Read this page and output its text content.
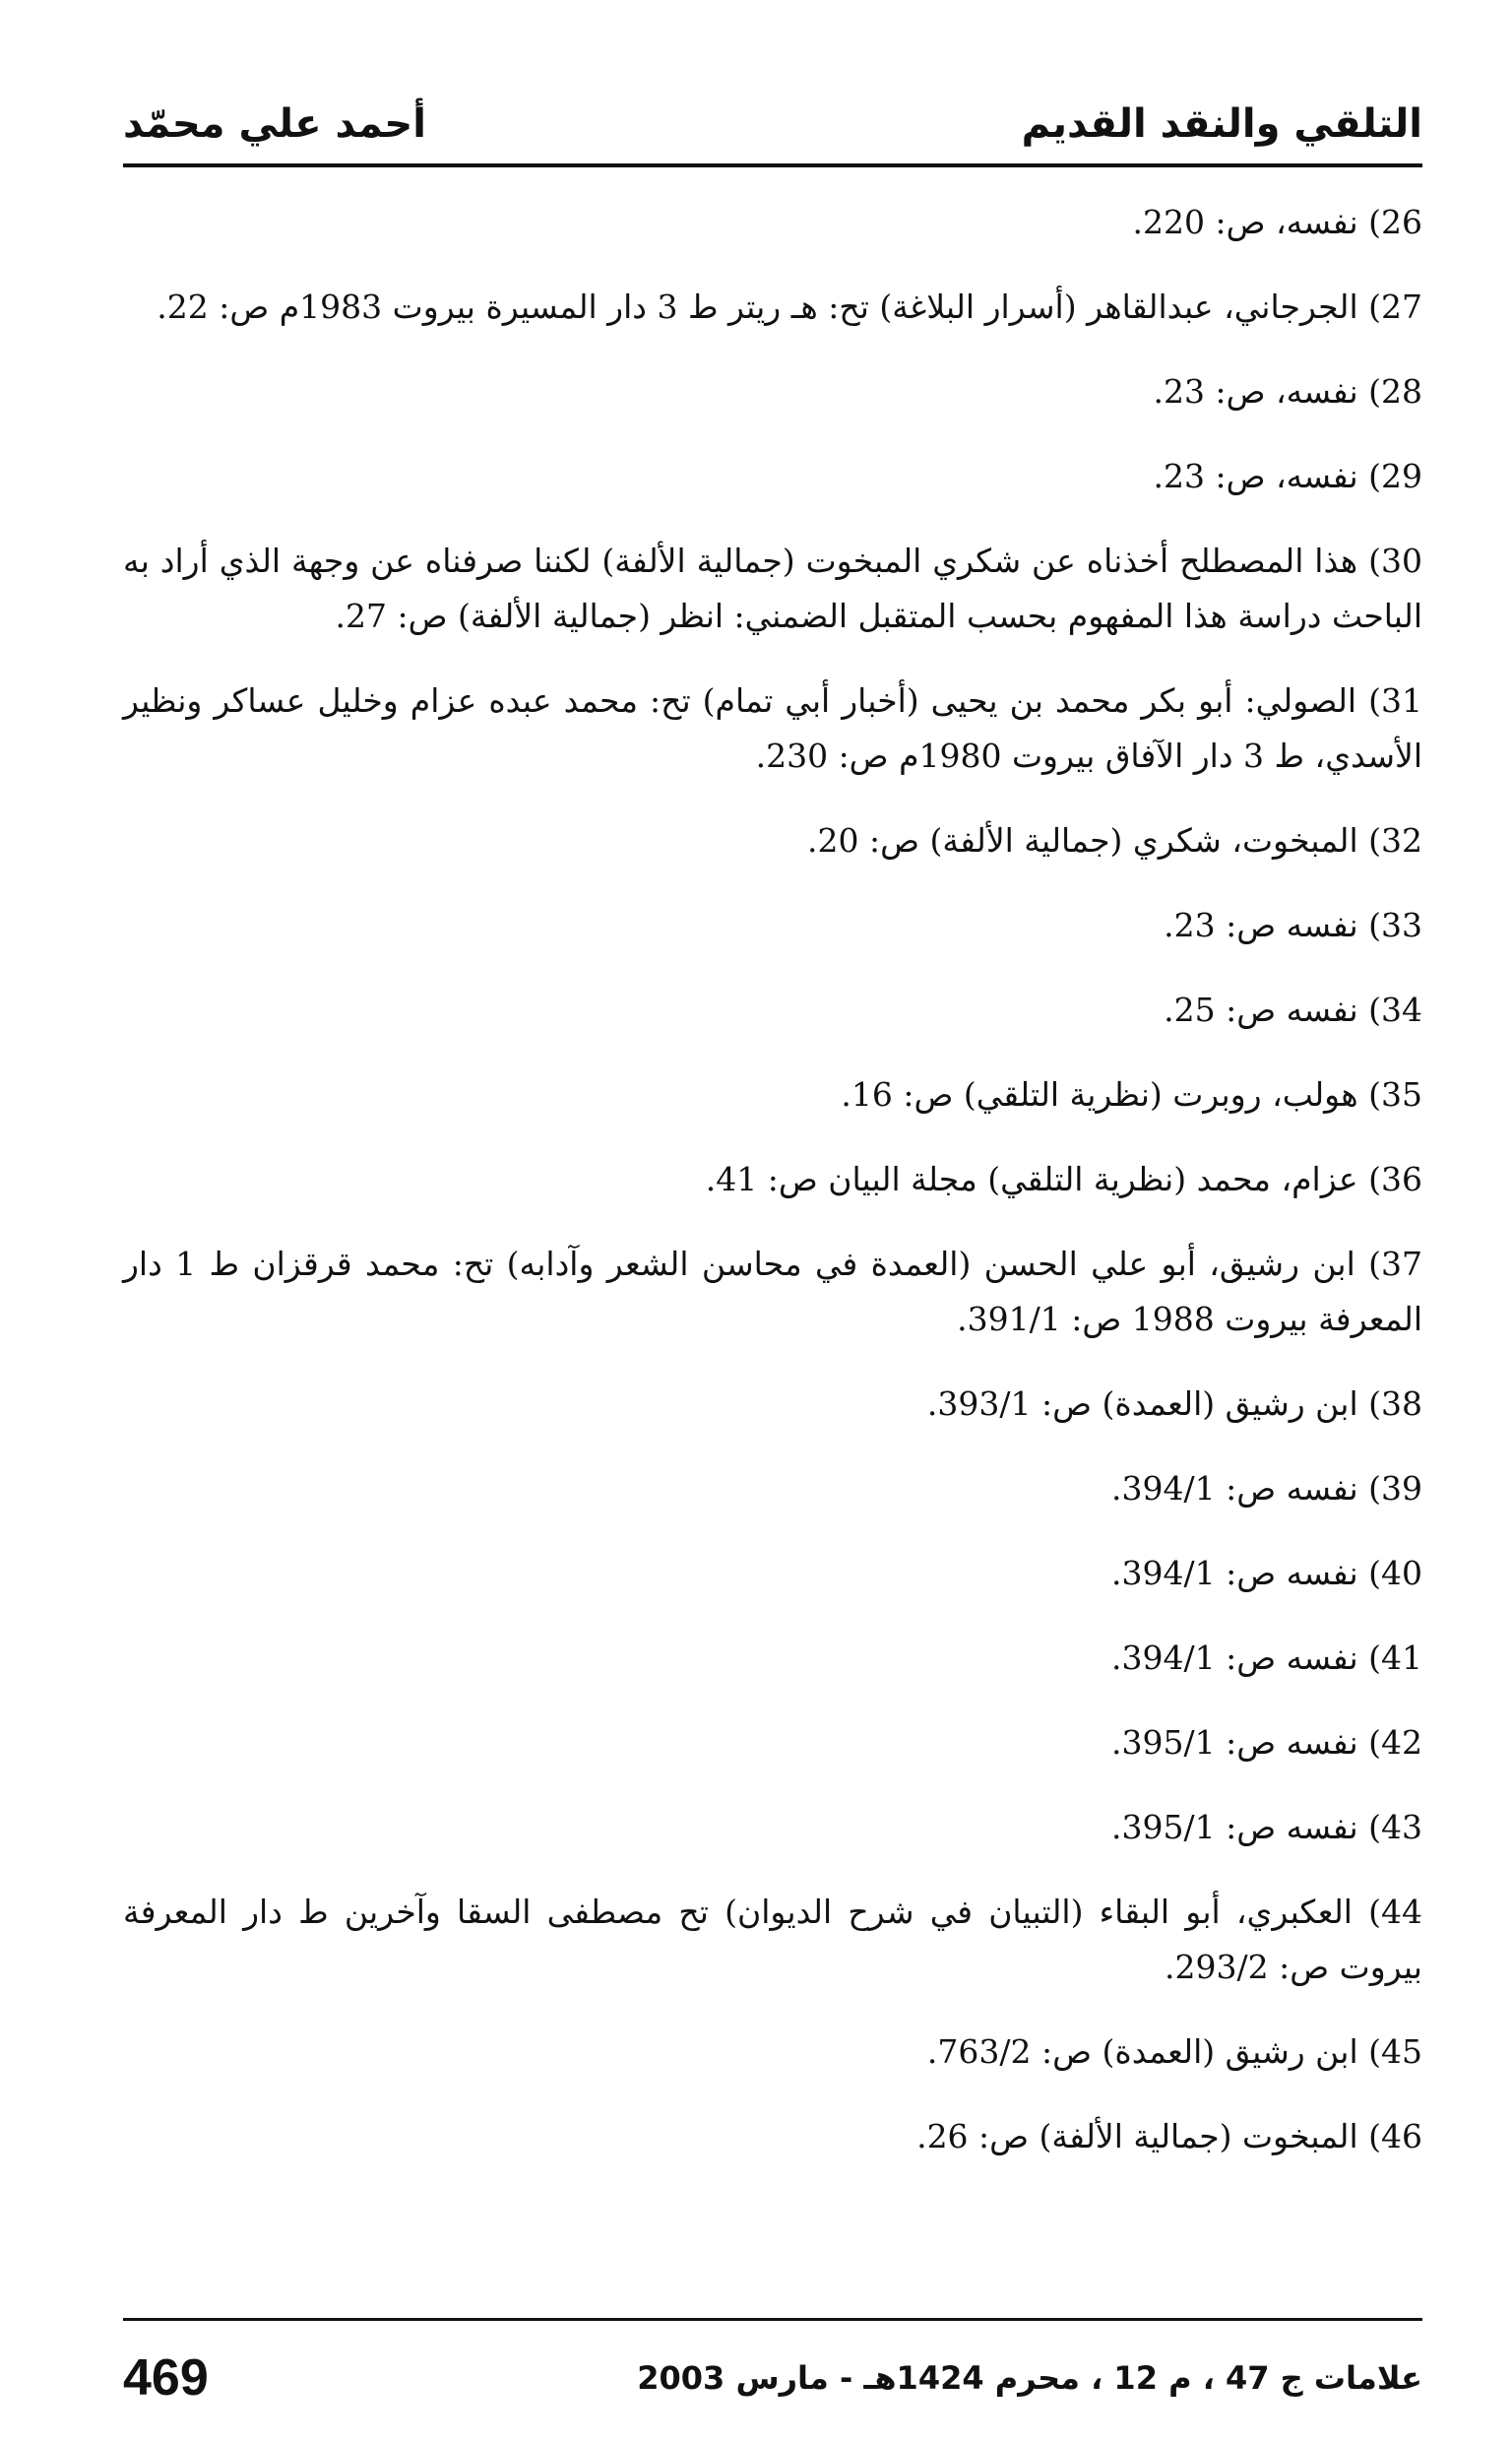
التلقي والنقد القديم
أحمد علي محمّد
26) نفسه، ص: 220.
27) الجرجاني، عبدالقاهر (أسرار البلاغة) تح: هـ ريتر ط 3 دار المسيرة بيروت 1983م ص: 22.
28) نفسه، ص: 23.
29) نفسه، ص: 23.
30) هذا المصطلح أخذناه عن شكري المبخوت (جمالية الألفة) لكننا صرفناه عن وجهة الذي أراد به الباحث دراسة هذا المفهوم بحسب المتقبل الضمني: انظر (جمالية الألفة) ص: 27.
31) الصولي: أبو بكر محمد بن يحيى (أخبار أبي تمام) تح: محمد عبده عزام وخليل عساكر ونظير الأسدي، ط 3 دار الآفاق بيروت 1980م ص: 230.
32) المبخوت، شكري (جمالية الألفة) ص: 20.
33) نفسه ص: 23.
34) نفسه ص: 25.
35) هولب، روبرت (نظرية التلقي) ص: 16.
36) عزام، محمد (نظرية التلقي) مجلة البيان ص: 41.
37) ابن رشيق، أبو علي الحسن (العمدة في محاسن الشعر وآدابه) تح: محمد قرقزان ط 1 دار المعرفة بيروت 1988 ص: 391/1.
38) ابن رشيق (العمدة) ص: 393/1.
39) نفسه ص: 394/1.
40) نفسه ص: 394/1.
41) نفسه ص: 394/1.
42) نفسه ص: 395/1.
43) نفسه ص: 395/1.
44) العكبري، أبو البقاء (التبيان في شرح الديوان) تح مصطفى السقا وآخرين ط دار المعرفة بيروت ص: 293/2.
45) ابن رشيق (العمدة) ص: 763/2.
46) المبخوت (جمالية الألفة) ص: 26.
علامات ج 47 ، م 12 ، محرم 1424هـ - مارس 2003
469
